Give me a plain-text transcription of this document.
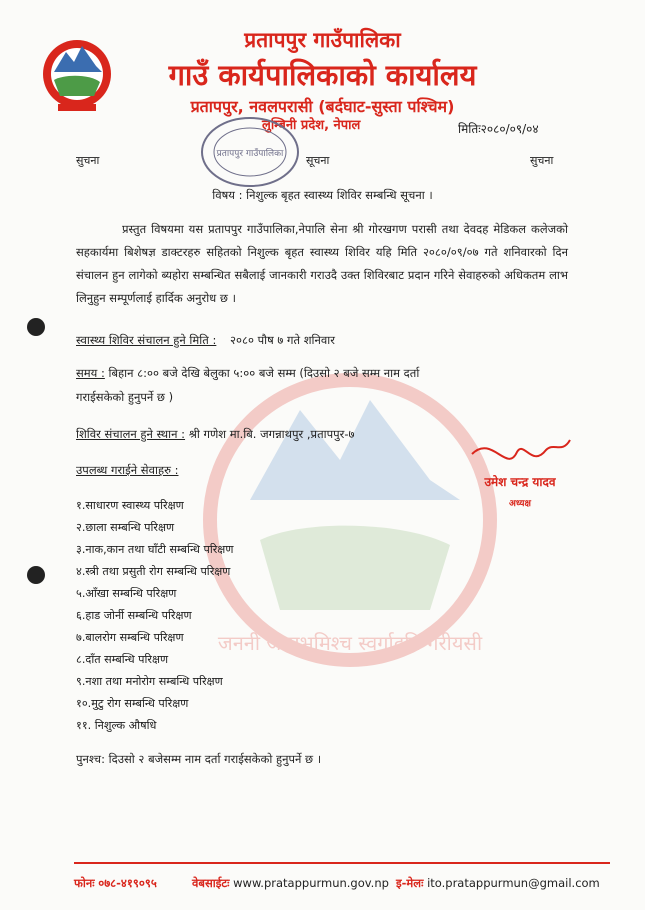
जननी जन्मभूमिश्च स्वर्गादपि गरीयसी
प्रतापपुर गाउँपालिका
गाउँ कार्यपालिकाको कार्यालय
प्रतापपुर, नवलपरासी (बर्दघाट-सुस्ता पश्चिम)
लुम्बिनी प्रदेश, नेपाल	मितिः२०८०/०९/०४
प्रतापपुर गाउँपालिका
सुचना	सुचना
सूचना
विषय : निशुल्क बृहत स्वास्थ्य शिविर सम्बन्धि सूचना ।
प्रस्तुत विषयमा यस प्रतापपुर गाउँपालिका,नेपालि सेना श्री गोरखगण परासी तथा देवदह मेडिकल कलेजको सहकार्यमा बिशेषज्ञ डाक्टरहरु सहितको निशुल्क बृहत स्वास्थ्य शिविर यहि मिति २०८०/०९/०७ गते शनिवारको दिन संचालन हुन लागेको ब्यहोरा सम्बन्धित सबैलाई जानकारी गराउदै उक्त शिविरबाट प्रदान गरिने सेवाहरुको अधिकतम लाभ लिनुहुन सम्पूर्णलाई हार्दिक अनुरोध छ ।
स्वास्थ्य शिविर संचालन हुने मिति : २०८० पौष ७ गते शनिवार
समय : बिहान ८:०० बजे देखि बेलुका ५:०० बजे सम्म (दिउसो २ बजे सम्म नाम दर्ता
गराईसकेको हुनुपर्ने छ )
शिविर संचालन हुने स्थान : श्री गणेश मा.बि. जगन्नाथपुर ,प्रतापपुर-७
उपलब्ध गराईने सेवाहरु :
१.साधारण स्वास्थ्य परिक्षण
२.छाला सम्बन्धि परिक्षण
३.नाक,कान तथा घाँटी सम्बन्धि परिक्षण
४.स्त्री तथा प्रसुती रोग सम्बन्धि परिक्षण
५.आँखा सम्बन्धि परिक्षण
६.हाड जोर्नी सम्बन्धि परिक्षण
७.बालरोग सम्बन्धि परिक्षण
८.दाँत सम्बन्धि परिक्षण
९.नशा तथा मनोरोग सम्बन्धि परिक्षण
१०.मुटु रोग सम्बन्धि परिक्षण
११. निशुल्क औषधि
पुनश्च: दिउसो २ बजेसम्म नाम दर्ता गराईसकेको हुनुपर्ने छ ।
उमेश चन्द्र यादव
अध्यक्ष
फोनः ०७८-४१९०९५	वेबसाईटः www.pratappurmun.gov.np इ-मेलः ito.pratappurmun@gmail.com
